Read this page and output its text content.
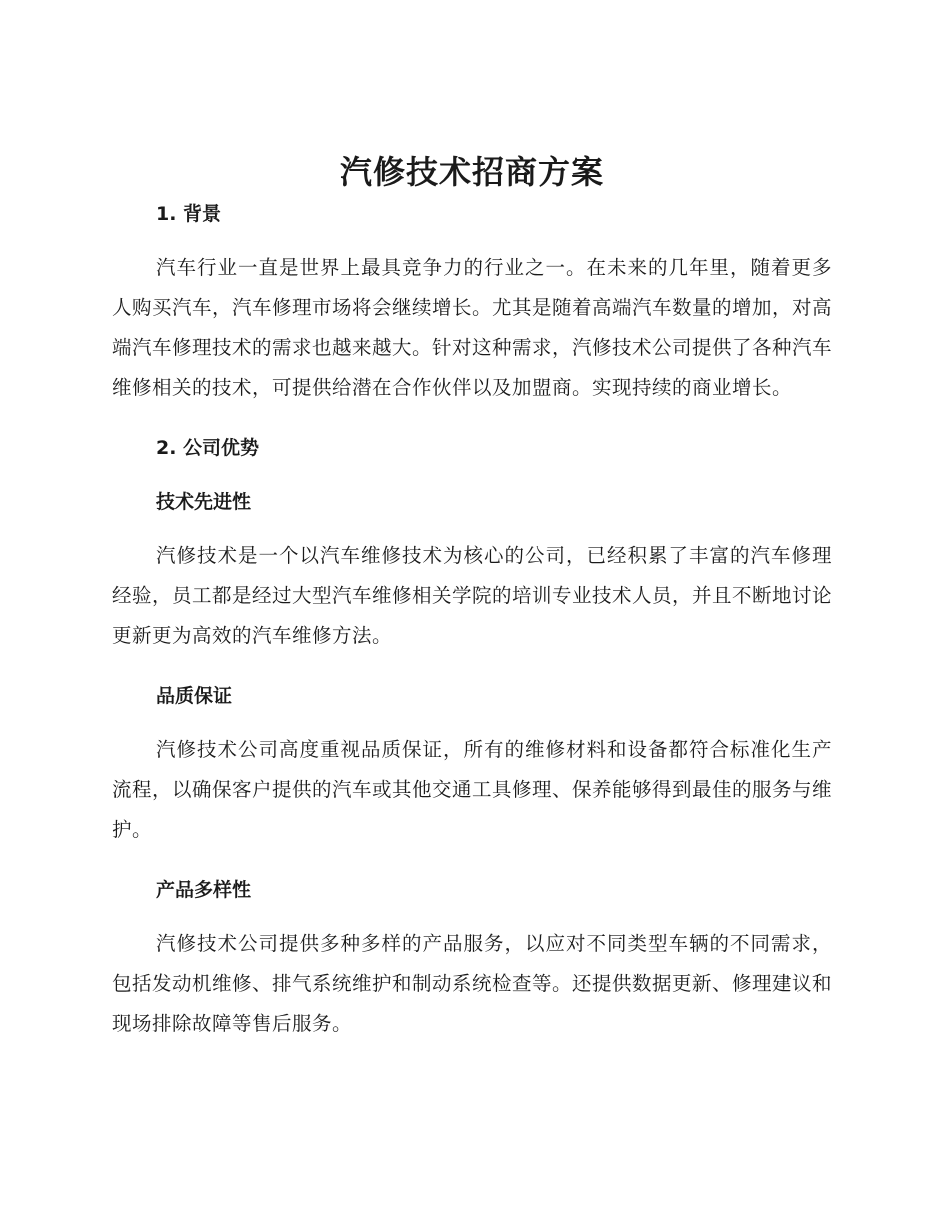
汽修技术招商方案
1. 背景

汽车行业一直是世界上最具竞争力的行业之一。在未来的几年里，随着更多人购买汽车，汽车修理市场将会继续增长。尤其是随着高端汽车数量的增加，对高端汽车修理技术的需求也越来越大。针对这种需求，汽修技术公司提供了各种汽车维修相关的技术，可提供给潜在合作伙伴以及加盟商。实现持续的商业增长。

2. 公司优势
技术先进性

汽修技术是一个以汽车维修技术为核心的公司，已经积累了丰富的汽车修理经验，员工都是经过大型汽车维修相关学院的培训专业技术人员，并且不断地讨论更新更为高效的汽车维修方法。

品质保证

汽修技术公司高度重视品质保证，所有的维修材料和设备都符合标准化生产流程，以确保客户提供的汽车或其他交通工具修理、保养能够得到最佳的服务与维护。

产品多样性

汽修技术公司提供多种多样的产品服务，以应对不同类型车辆的不同需求，包括发动机维修、排气系统维护和制动系统检查等。还提供数据更新、修理建议和现场排除故障等售后服务。
